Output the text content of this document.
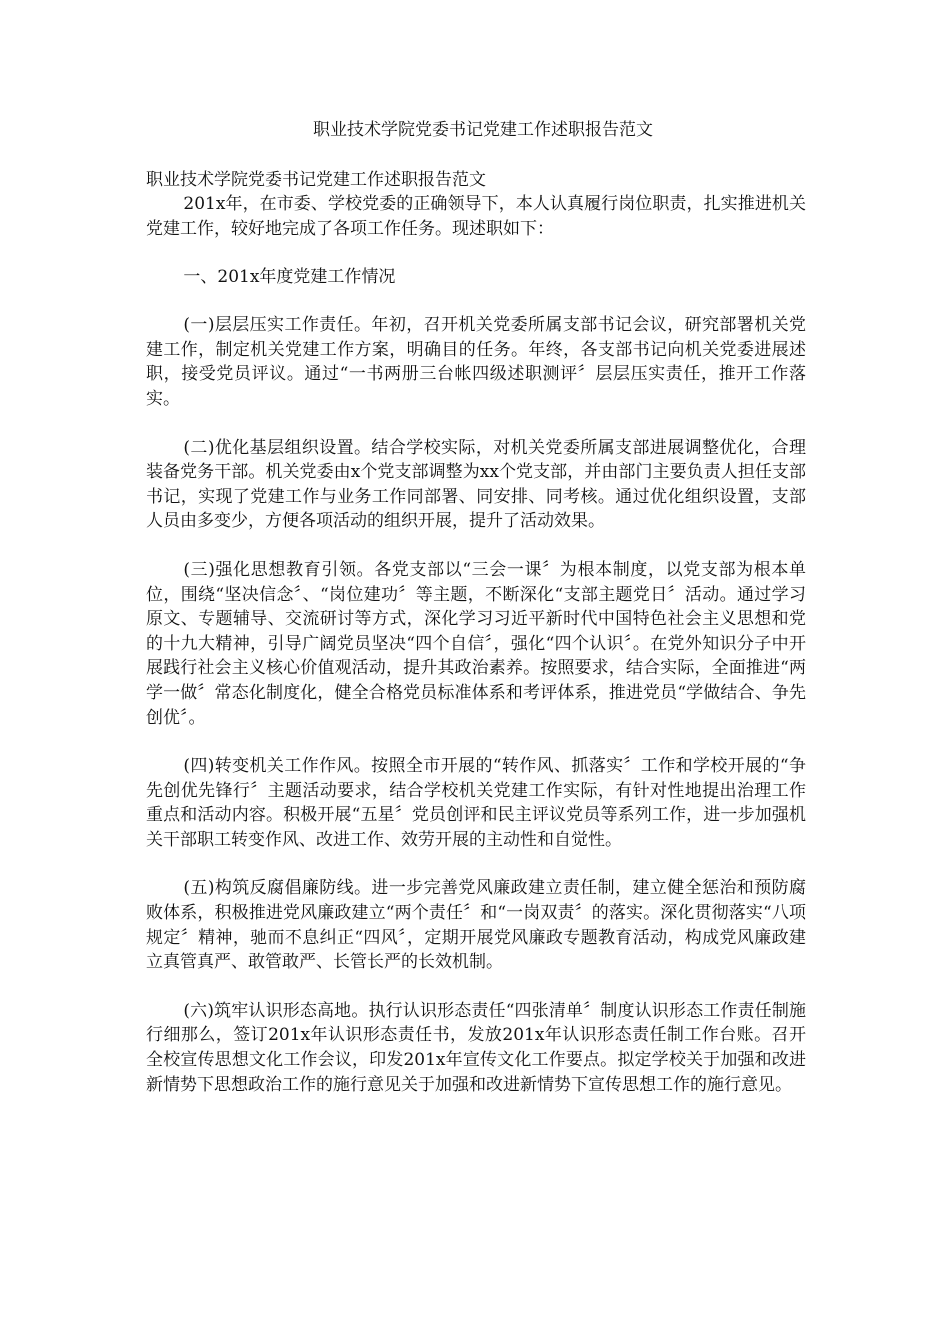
职业技术学院党委书记党建工作述职报告范文

职业技术学院党委书记党建工作述职报告范文

201x年，在市委、学校党委的正确领导下，本人认真履行岗位职责，扎实推进机关党建工作，较好地完成了各项工作任务。现述职如下：

一、201x年度党建工作情况

(一)层层压实工作责任。年初，召开机关党委所属支部书记会议，研究部署机关党建工作，制定机关党建工作方案，明确目的任务。年终，各支部书记向机关党委进展述职，接受党员评议。通过“一书两册三台帐四级述职测评〞层层压实责任，推开工作落实。

(二)优化基层组织设置。结合学校实际，对机关党委所属支部进展调整优化，合理装备党务干部。机关党委由x个党支部调整为xx个党支部，并由部门主要负责人担任支部书记，实现了党建工作与业务工作同部署、同安排、同考核。通过优化组织设置，支部人员由多变少，方便各项活动的组织开展，提升了活动效果。

(三)强化思想教育引领。各党支部以“三会一课〞为根本制度，以党支部为根本单位，围绕“坚决信念〞、“岗位建功〞等主题，不断深化“支部主题党日〞活动。通过学习原文、专题辅导、交流研讨等方式，深化学习习近平新时代中国特色社会主义思想和党的十九大精神，引导广阔党员坚决“四个自信〞，强化“四个认识〞。在党外知识分子中开展践行社会主义核心价值观活动，提升其政治素养。按照要求，结合实际，全面推进“两学一做〞常态化制度化，健全合格党员标准体系和考评体系，推进党员“学做结合、争先创优〞。

(四)转变机关工作作风。按照全市开展的“转作风、抓落实〞工作和学校开展的“争先创优先锋行〞主题活动要求，结合学校机关党建工作实际，有针对性地提出治理工作重点和活动内容。积极开展“五星〞党员创评和民主评议党员等系列工作，进一步加强机关干部职工转变作风、改进工作、效劳开展的主动性和自觉性。

(五)构筑反腐倡廉防线。进一步完善党风廉政建立责任制，建立健全惩治和预防腐败体系，积极推进党风廉政建立“两个责任〞和“一岗双责〞的落实。深化贯彻落实“八项规定〞精神，驰而不息纠正“四风〞，定期开展党风廉政专题教育活动，构成党风廉政建立真管真严、敢管敢严、长管长严的长效机制。

(六)筑牢认识形态高地。执行认识形态责任“四张清单〞制度认识形态工作责任制施行细那么，签订201x年认识形态责任书，发放201x年认识形态责任制工作台账。召开全校宣传思想文化工作会议，印发201x年宣传文化工作要点。拟定学校关于加强和改进新情势下思想政治工作的施行意见关于加强和改进新情势下宣传思想工作的施行意见。
